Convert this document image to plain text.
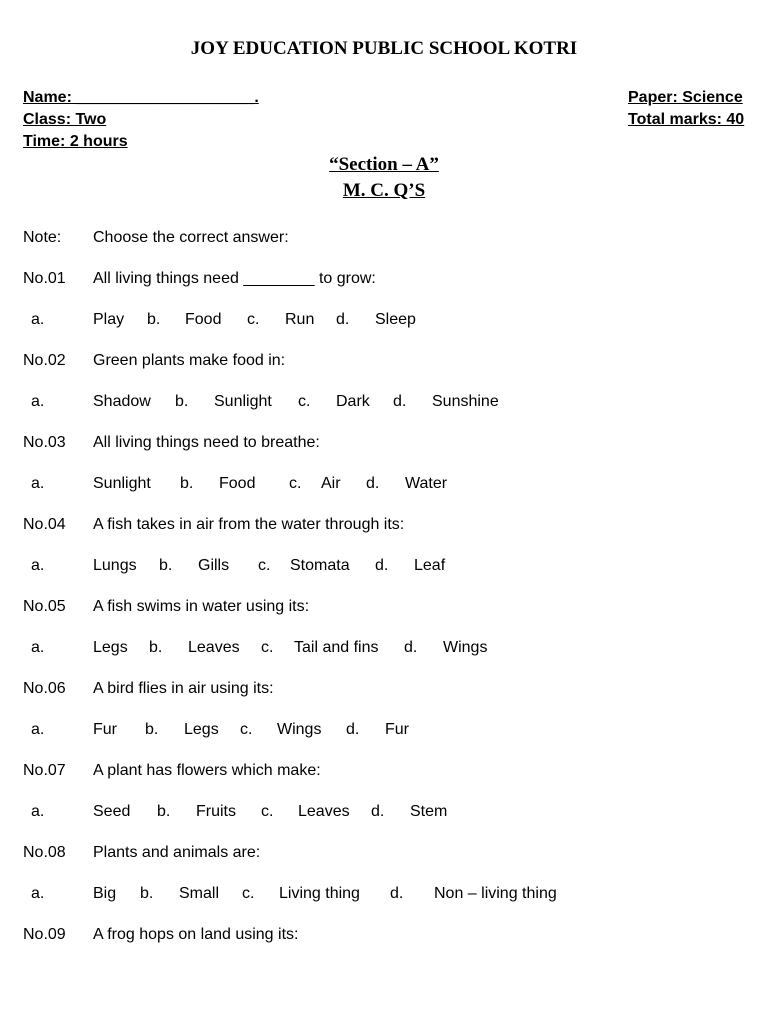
JOY EDUCATION PUBLIC SCHOOL KOTRI
Name: ____________________.
Class: Two
Time: 2 hours
Paper: Science
Total marks: 40
“Section – A”
M. C. Q’S
Note: Choose the correct answer:
No.01 All living things need ________ to grow:
a.	Play b. Food c. Run d. Sleep
No.02 Green plants make food in:
a.	Shadow b. Sunlight c. Dark d. Sunshine
No.03 All living things need to breathe:
a.	Sunlight b. Food c. Air d. Water
No.04 A fish takes in air from the water through its:
a.	Lungs b. Gills c. Stomata d. Leaf
No.05 A fish swims in water using its:
a.	Legs b. Leaves c. Tail and fins d. Wings
No.06 A bird flies in air using its:
a.	Fur b. Legs c. Wings d. Fur
No.07 A plant has flowers which make:
a.	Seed b. Fruits c. Leaves d. Stem
No.08 Plants and animals are:
a.	Big b. Small c. Living thing d. Non – living thing
No.09 A frog hops on land using its:
